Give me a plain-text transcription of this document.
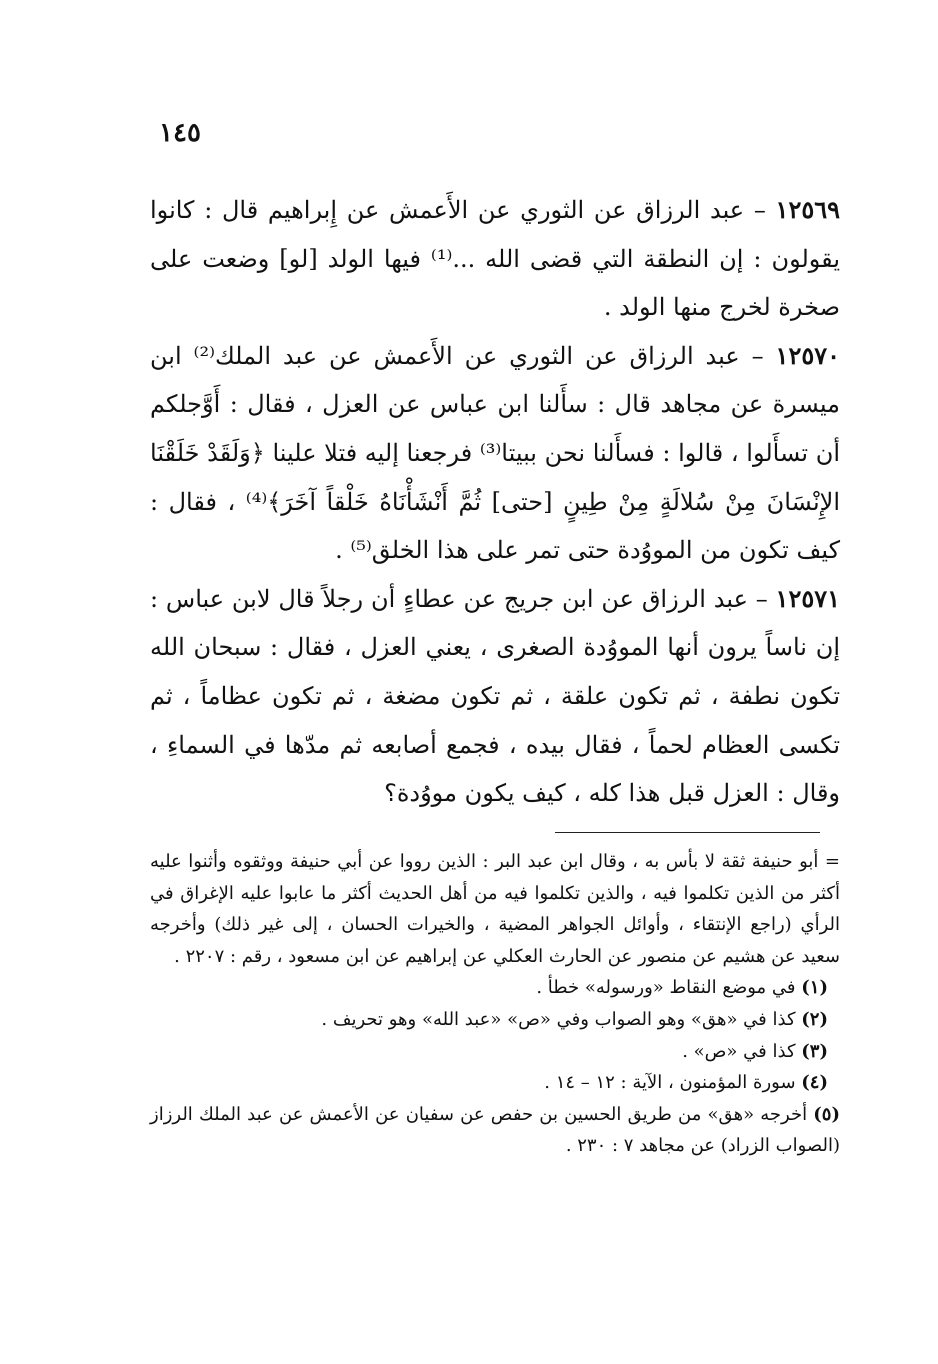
١٤٥

١٢٥٦٩ – عبد الرزاق عن الثوري عن الأَعمش عن إِبراهيم قال : كانوا يقولون : إن النطقة التي قضى الله ...⁽¹⁾ فيها الولد [لو] وضعت على صخرة لخرج منها الولد .

١٢٥٧٠ – عبد الرزاق عن الثوري عن الأَعمش عن عبد الملك⁽²⁾ ابن ميسرة عن مجاهد قال : سأَلنا ابن عباس عن العزل ، فقال : أَوَّجلكم أن تسأَلوا ، قالوا : فسأَلنا نحن ببيتا⁽³⁾ فرجعنا إليه فتلا علينا ﴿وَلَقَدْ خَلَقْنَا الإِنْسَانَ مِنْ سُلالَةٍ مِنْ طِينٍ [حتى] ثُمَّ أَنْشَأْنَاهُ خَلْقاً آخَرَ﴾⁽⁴⁾ ، فقال : كيف تكون من المووُدة حتى تمر على هذا الخلق⁽⁵⁾ .

١٢٥٧١ – عبد الرزاق عن ابن جريج عن عطاءٍ أن رجلاً قال لابن عباس : إن ناساً يرون أنها المووُدة الصغرى ، يعني العزل ، فقال : سبحان الله تكون نطفة ، ثم تكون علقة ، ثم تكون مضغة ، ثم تكون عظاماً ، ثم تكسى العظام لحماً ، فقال بيده ، فجمع أصابعه ثم مدّها في السماءِ ، وقال : العزل قبل هذا كله ، كيف يكون مووُدة؟

= أبو حنيفة ثقة لا بأس به ، وقال ابن عبد البر : الذين رووا عن أبي حنيفة ووثقوه وأثنوا عليه أكثر من الذين تكلموا فيه ، والذين تكلموا فيه من أهل الحديث أكثر ما عابوا عليه الإغراق في الرأي (راجع الإنتقاء ، وأوائل الجواهر المضية ، والخيرات الحسان ، إلى غير ذلك) وأخرجه سعيد عن هشيم عن منصور عن الحارث العكلي عن إبراهيم عن ابن مسعود ، رقم : ٢٢٠٧ .

(١) في موضع النقاط «ورسوله» خطأ .

(٢) كذا في «هق» وهو الصواب وفي «ص» «عبد الله» وهو تحريف .

(٣) كذا في «ص» .

(٤) سورة المؤمنون ، الآية : ١٢ – ١٤ .

(٥) أخرجه «هق» من طريق الحسين بن حفص عن سفيان عن الأعمش عن عبد الملك الرزاز (الصواب الزراد) عن مجاهد ٧ : ٢٣٠ .
